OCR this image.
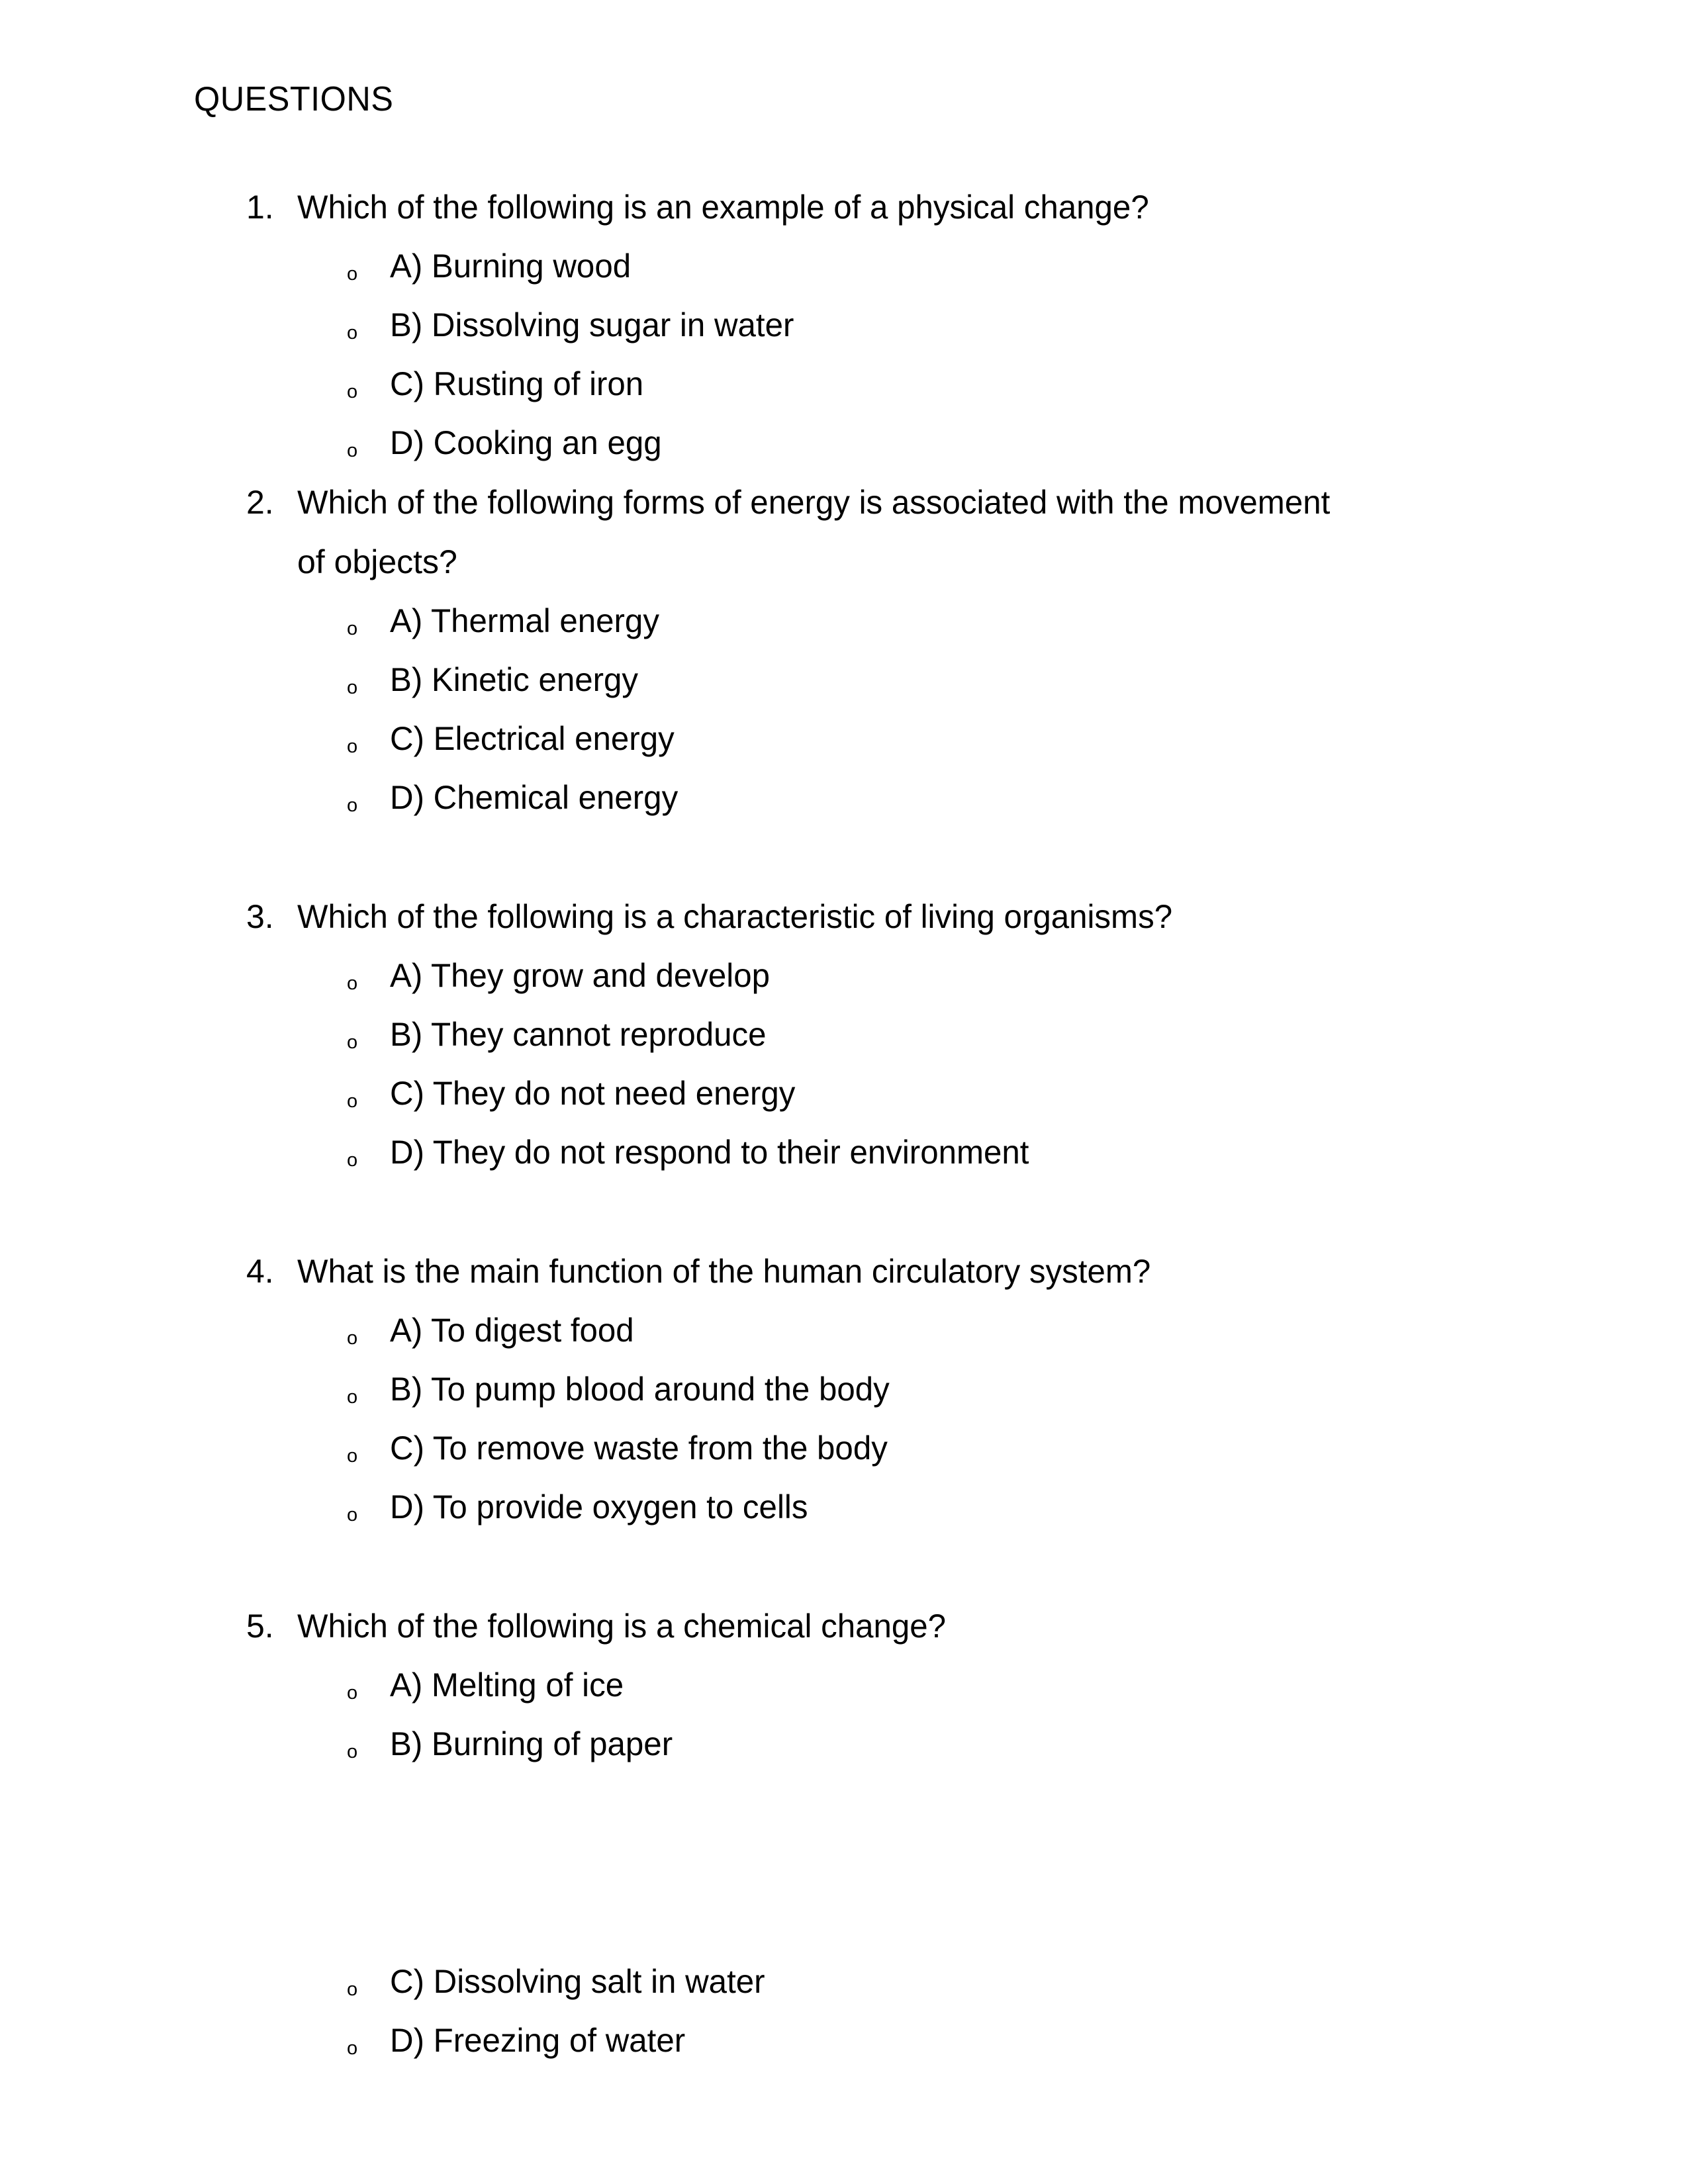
QUESTIONS
1. Which of the following is an example of a physical change?
o A) Burning wood
o B) Dissolving sugar in water
o C) Rusting of iron
o D) Cooking an egg
2. Which of the following forms of energy is associated with the movement
of objects?
o A) Thermal energy
o B) Kinetic energy
o C) Electrical energy
o D) Chemical energy
3. Which of the following is a characteristic of living organisms?
o A) They grow and develop
o B) They cannot reproduce
o C) They do not need energy
o D) They do not respond to their environment
4. What is the main function of the human circulatory system?
o A) To digest food
o B) To pump blood around the body
o C) To remove waste from the body
o D) To provide oxygen to cells
5. Which of the following is a chemical change?
o A) Melting of ice
o B) Burning of paper
o C) Dissolving salt in water
o D) Freezing of water
